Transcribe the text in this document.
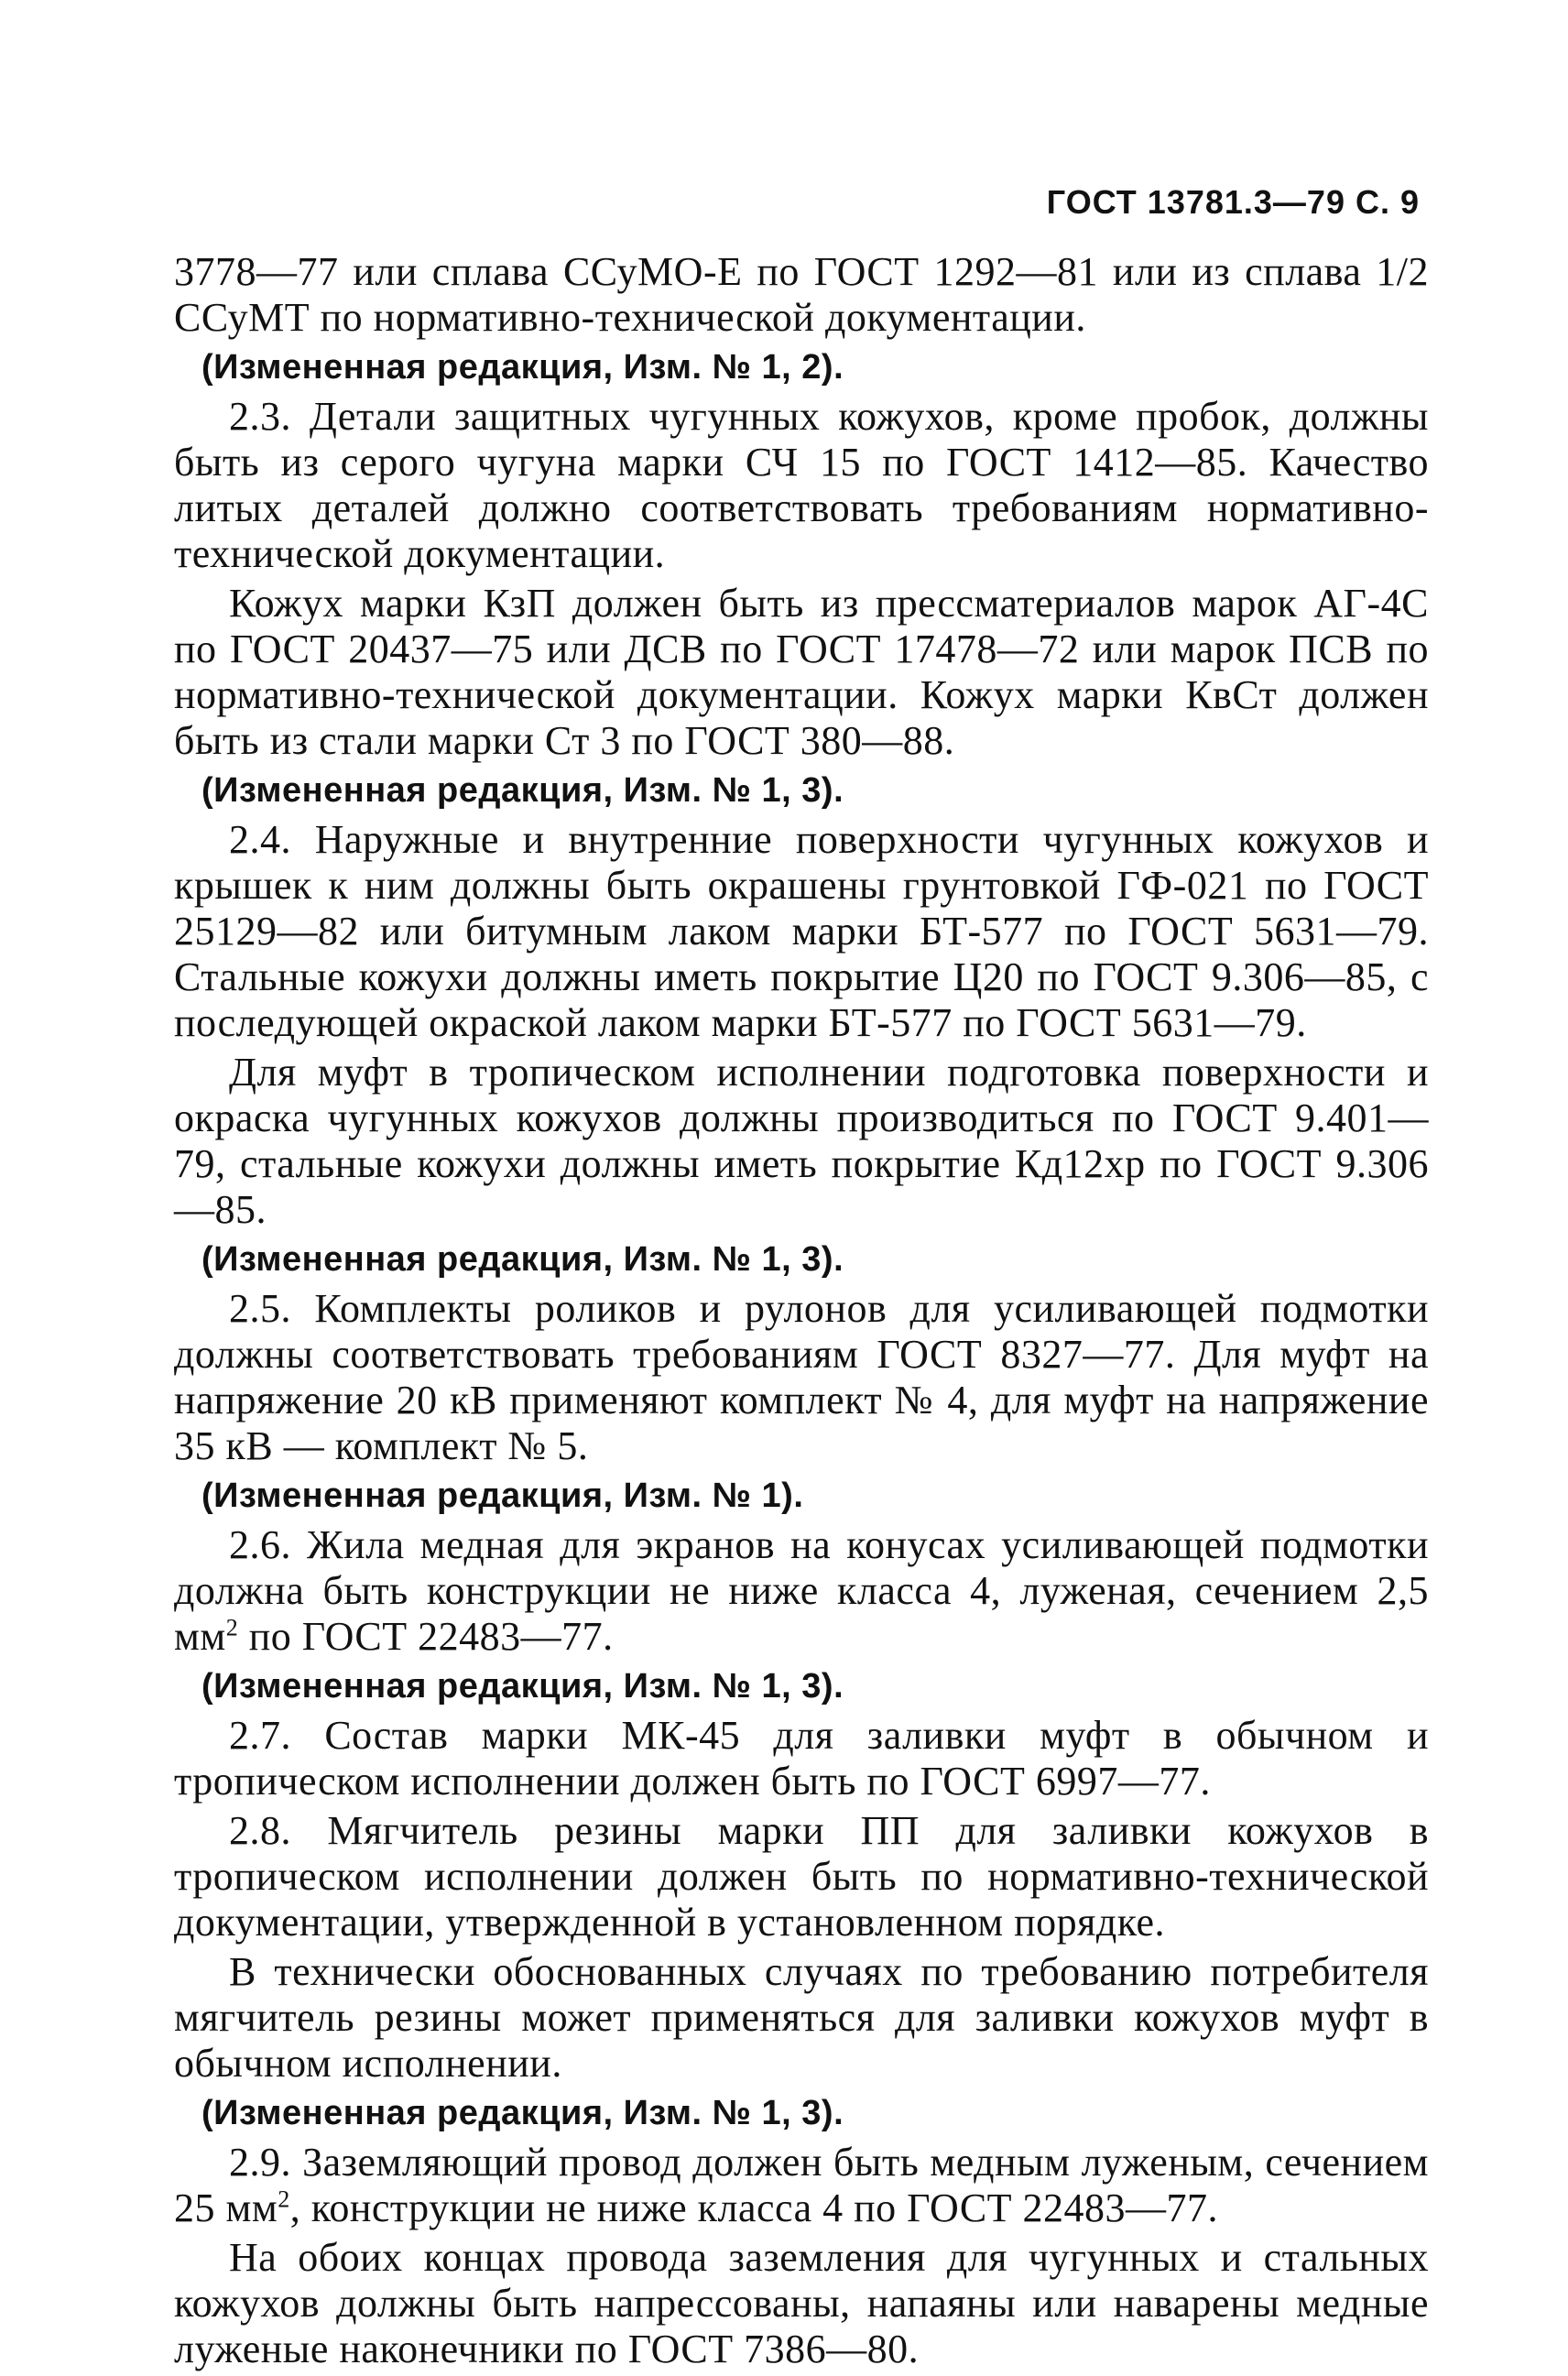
ГОСТ 13781.3—79 С. 9

3778—77 или сплава ССуМО-Е по ГОСТ 1292—81 или из сплава 1/2 ССуМТ по нормативно-технической документации.

(Измененная редакция, Изм. № 1, 2).

2.3. Детали защитных чугунных кожухов, кроме пробок, должны быть из серого чугуна марки СЧ 15 по ГОСТ 1412—85. Качество литых деталей должно соответствовать требованиям нормативно-технической документации.

Кожух марки КзП должен быть из прессматериалов марок АГ-4С по ГОСТ 20437—75 или ДСВ по ГОСТ 17478—72 или марок ПСВ по нормативно-технической документации. Кожух марки КвСт должен быть из стали марки Ст 3 по ГОСТ 380—88.

(Измененная редакция, Изм. № 1, 3).

2.4. Наружные и внутренние поверхности чугунных кожухов и крышек к ним должны быть окрашены грунтовкой ГФ-021 по ГОСТ 25129—82 или битумным лаком марки БТ-577 по ГОСТ 5631—79. Стальные кожухи должны иметь покрытие Ц20 по ГОСТ 9.306—85, с последующей окраской лаком марки БТ-577 по ГОСТ 5631—79.

Для муфт в тропическом исполнении подготовка поверхности и окраска чугунных кожухов должны производиться по ГОСТ 9.401—79, стальные кожухи должны иметь покрытие Кд12хр по ГОСТ 9.306—85.

(Измененная редакция, Изм. № 1, 3).

2.5. Комплекты роликов и рулонов для усиливающей подмотки должны соответствовать требованиям ГОСТ 8327—77. Для муфт на напряжение 20 кВ применяют комплект № 4, для муфт на напряжение 35 кВ — комплект № 5.

(Измененная редакция, Изм. № 1).

2.6. Жила медная для экранов на конусах усиливающей подмотки должна быть конструкции не ниже класса 4, луженая, сечением 2,5 $мм^2$ по ГОСТ 22483—77.

(Измененная редакция, Изм. № 1, 3).

2.7. Состав марки МК-45 для заливки муфт в обычном и тропическом исполнении должен быть по ГОСТ 6997—77.

2.8. Мягчитель резины марки ПП для заливки кожухов в тропическом исполнении должен быть по нормативно-технической документации, утвержденной в установленном порядке.

В технически обоснованных случаях по требованию потребителя мягчитель резины может применяться для заливки кожухов муфт в обычном исполнении.

(Измененная редакция, Изм. № 1, 3).

2.9. Заземляющий провод должен быть медным луженым, сечением 25 $мм^2$, конструкции не ниже класса 4 по ГОСТ 22483—77.

На обоих концах провода заземления для чугунных и стальных кожухов должны быть напрессованы, напаяны или наварены медные луженые наконечники по ГОСТ 7386—80.
